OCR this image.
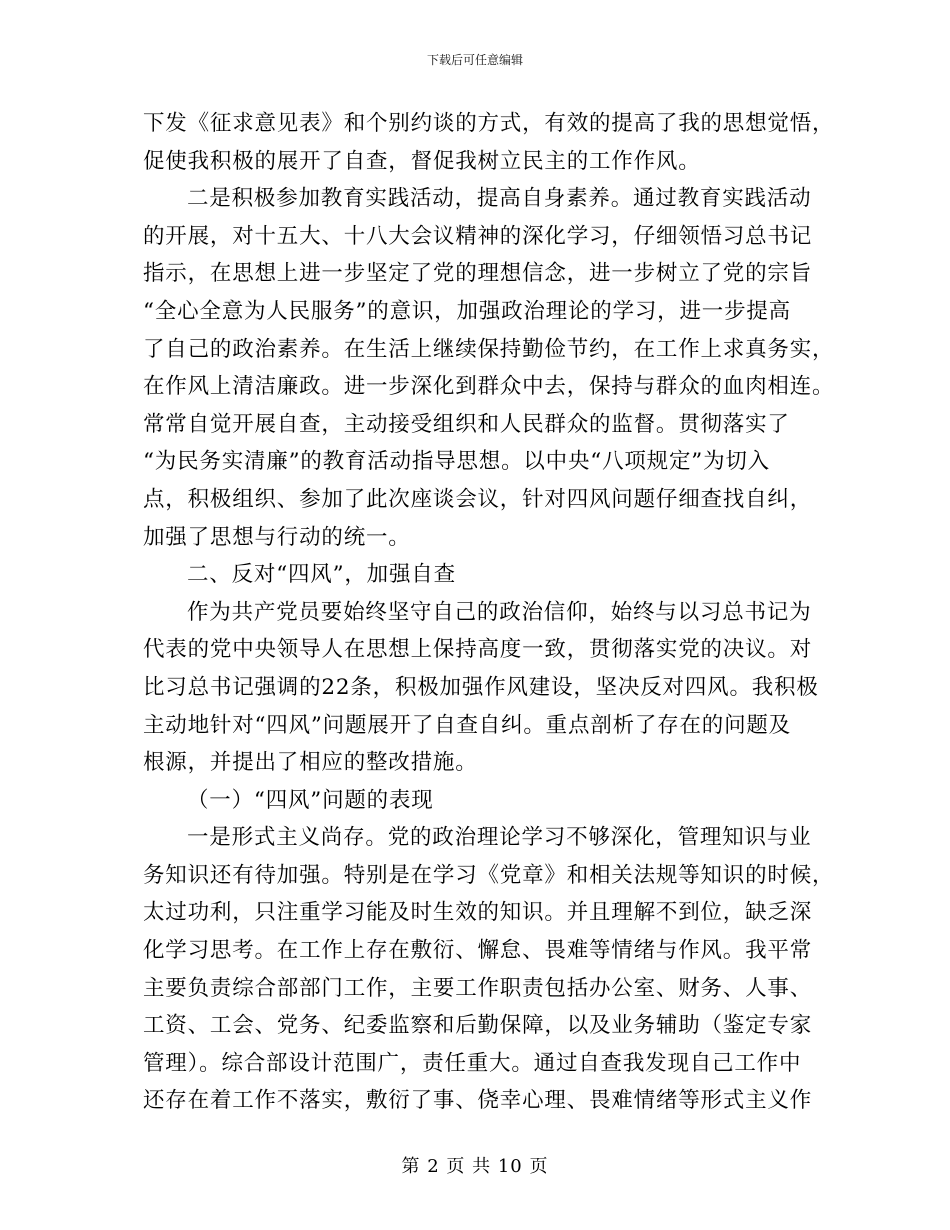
下载后可任意编辑
下发《征求意见表》和个别约谈的方式，有效的提高了我的思想觉悟，
促使我积极的展开了自查，督促我树立民主的工作作风。
二是积极参加教育实践活动，提高自身素养。通过教育实践活动
的开展，对十五大、十八大会议精神的深化学习，仔细领悟习总书记
指示，在思想上进一步坚定了党的理想信念，进一步树立了党的宗旨
“全心全意为人民服务”的意识，加强政治理论的学习，进一步提高
了自己的政治素养。在生活上继续保持勤俭节约，在工作上求真务实，
在作风上清洁廉政。进一步深化到群众中去，保持与群众的血肉相连。
常常自觉开展自查，主动接受组织和人民群众的监督。贯彻落实了
“为民务实清廉”的教育活动指导思想。以中央“八项规定”为切入
点，积极组织、参加了此次座谈会议，针对四风问题仔细查找自纠，
加强了思想与行动的统一。
二、反对“四风”，加强自查
作为共产党员要始终坚守自己的政治信仰，始终与以习总书记为
代表的党中央领导人在思想上保持高度一致，贯彻落实党的决议。对
比习总书记强调的22条，积极加强作风建设，坚决反对四风。我积极
主动地针对“四风”问题展开了自查自纠。重点剖析了存在的问题及
根源，并提出了相应的整改措施。
（一）“四风”问题的表现
一是形式主义尚存。党的政治理论学习不够深化，管理知识与业
务知识还有待加强。特别是在学习《党章》和相关法规等知识的时候，
太过功利，只注重学习能及时生效的知识。并且理解不到位，缺乏深
化学习思考。在工作上存在敷衍、懈怠、畏难等情绪与作风。我平常
主要负责综合部部门工作，主要工作职责包括办公室、财务、人事、
工资、工会、党务、纪委监察和后勤保障，以及业务辅助（鉴定专家
管理）。综合部设计范围广，责任重大。通过自查我发现自己工作中
还存在着工作不落实，敷衍了事、侥幸心理、畏难情绪等形式主义作
第 2 页 共 10 页
